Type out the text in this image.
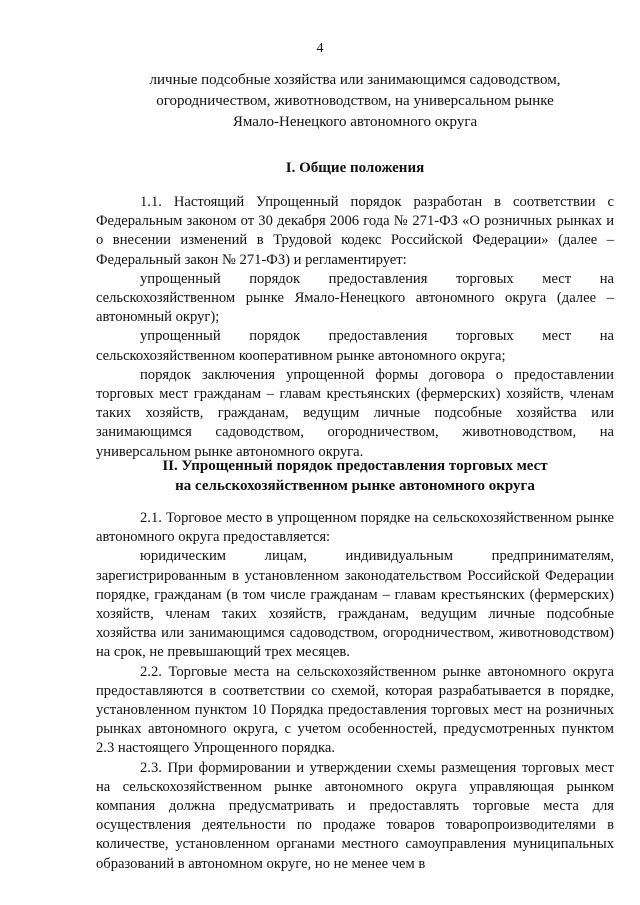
4
личные подсобные хозяйства или занимающимся садоводством,
огородничеством, животноводством, на универсальном рынке
Ямало-Ненецкого автономного округа
I. Общие положения

1.1. Настоящий Упрощенный порядок разработан в соответствии с Федеральным законом от 30 декабря 2006 года № 271-ФЗ «О розничных рынках и о внесении изменений в Трудовой кодекс Российской Федерации» (далее – Федеральный закон № 271-ФЗ) и регламентирует:

упрощенный порядок предоставления торговых мест на сельскохозяйственном рынке Ямало-Ненецкого автономного округа (далее – автономный округ);

упрощенный порядок предоставления торговых мест на сельскохозяйственном кооперативном рынке автономного округа;

порядок заключения упрощенной формы договора о предоставлении торговых мест гражданам – главам крестьянских (фермерских) хозяйств, членам таких хозяйств, гражданам, ведущим личные подсобные хозяйства или занимающимся садоводством, огородничеством, животноводством, на универсальном рынке автономного округа.

II. Упрощенный порядок предоставления торговых мест
на сельскохозяйственном рынке автономного округа

2.1. Торговое место в упрощенном порядке на сельскохозяйственном рынке автономного округа предоставляется:

юридическим лицам, индивидуальным предпринимателям, зарегистрированным в установленном законодательством Российской Федерации порядке, гражданам (в том числе гражданам – главам крестьянских (фермерских) хозяйств, членам таких хозяйств, гражданам, ведущим личные подсобные хозяйства или занимающимся садоводством, огородничеством, животноводством) на срок, не превышающий трех месяцев.

2.2. Торговые места на сельскохозяйственном рынке автономного округа предоставляются в соответствии со схемой, которая разрабатывается в порядке, установленном пунктом 10 Порядка предоставления торговых мест на розничных рынках автономного округа, с учетом особенностей, предусмотренных пунктом 2.3 настоящего Упрощенного порядка.

2.3. При формировании и утверждении схемы размещения торговых мест на сельскохозяйственном рынке автономного округа управляющая рынком компания должна предусматривать и предоставлять торговые места для осуществления деятельности по продаже товаров товаропроизводителями в количестве, установленном органами местного самоуправления муниципальных образований в автономном округе, но не менее чем в
